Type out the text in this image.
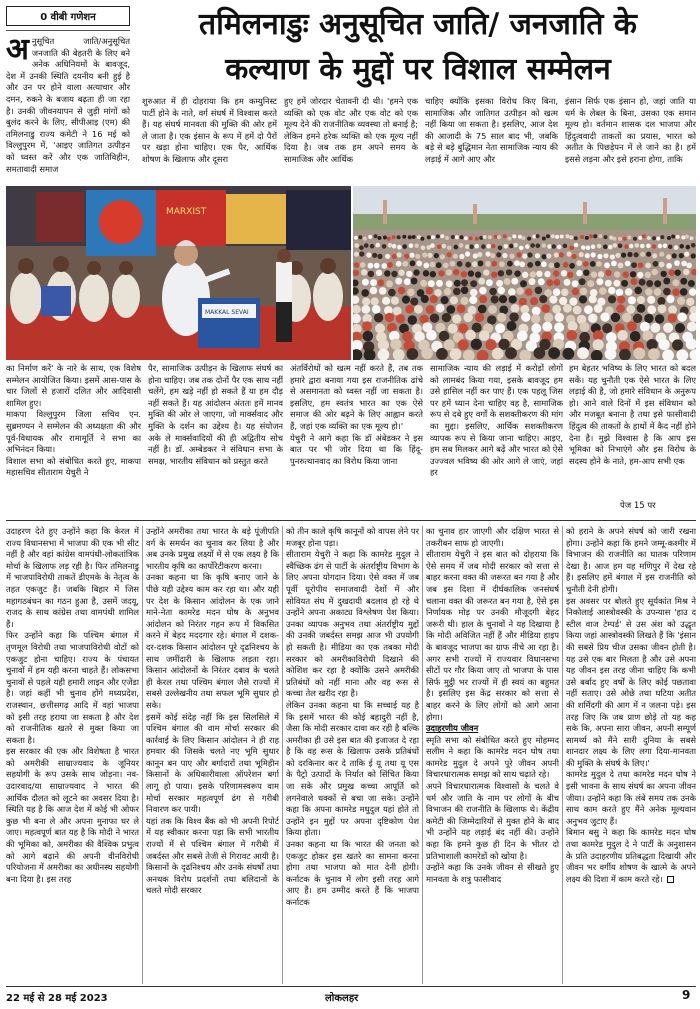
0 वीबी गणेशन	तमिलनाडुः अनुसूचित जाति/ जनजाति के
कल्याण के मुद्दों पर विशाल सम्मेलन
अनुसूचित जाति/अनुसूचित जनजाति की बेहतरी के लिए बने अनेक अधिनियमों के बावजूद, देश में उनकी स्थिति दयनीय बनी हुई है और उन पर होने वाला अत्याचार और दमन, रुकने के बजाय बढ़ता ही जा रहा है। उनकी जीवनयापन से जुड़ी मांगों को बुलंद करने के लिए, सीपीआइ (एम) की तमिलनाडु राज्य कमेटी ने 16 मई को विल्लुपुरम में, 'आइए जातिगत उत्पीड़न को ध्वस्त करें और एक जातिविहीन, समतावादी समाज
शुरुआत में ही दोहराया कि हम कम्युनिस्ट पार्टी होने के नाते, वर्ग संघर्ष में विश्वास करते हैं। यह संघर्ष मानवता की मुक्ति की ओर हमें ले जाता है। एक इंसान के रूप में हमें दो पैरों पर खड़ा होना चाहिए। एक पैर, आर्थिक शोषण के खिलाफ और दूसरा
हुए हमें जोरदार चेतावनी दी थी। 'हमने एक व्यक्ति को एक वोट और एक वोट को एक मूल्य देने की राजनीतिक व्यवस्था तो बनाई है; लेकिन हमने हरेक व्यक्ति को एक मूल्य नहीं दिया है। जब तक हम अपने समय के सामाजिक और आर्थिक
चाहिए क्योंकि इसका विरोध किए बिना, सामाजिक और जातिगत उत्पीड़न को खत्म नहीं किया जा सकता है। इसलिए, आज देश की आजादी के 75 साल बाद भी, जबकि बड़े से बड़े बुद्धिमान नेता सामाजिक न्याय की लड़ाई में आगे आए और
इंसान सिर्फ एक इंसान हो, जहां जाति या धर्म के लेबल के बिना, उसका एक समान मूल्य हो। वर्तमान शासक दल भाजपा और हिंदुत्ववादी ताकतों का प्रयास, भारत को अतीत के पिछड़ेपन में ले जाने का है। हमें इससे लड़ना और इसे हराना होगा, ताकि
MARXIST
MAKKAL SEVAI
का निर्माण करें' के नारे के साथ, एक विशेष सम्मेलन आयोजित किया। इसमें आस-पास के चार जिलों से हजारों दलित और आदिवासी शामिल हुए।
माकपा विल्लुपुरम जिला सचिव एन. सुब्रमण्यन ने सम्मेलन की अध्यक्षता की और पूर्व-विधायक और रामामूर्ति ने सभा का अभिनंदन किया।
विशाल सभा को संबोधित करते हुए, माकपा महासचिव सीताराम येचुरी ने
पैर, सामाजिक उत्पीड़न के खिलाफ संघर्ष का होना चाहिए। जब तक दोनों पैर एक साथ नहीं चलेंगे, हम खड़े नहीं हो सकते हैं या हम दौड़ नहीं सकते हैं। यह आंदोलन अंततः हमें मानव मुक्ति की ओर ले जाएगा, जो मार्क्सवाद और मुक्ति के दर्शन का उद्देश्य है। यह संयोजन अके ले मार्क्सवादियों की ही अद्वितीय सोच नहीं है। डॉ. अम्बेडकर ने संविधान सभा के समक्ष, भारतीय संविधान को प्रस्तुत करते
अंतर्विरोधों को खत्म नहीं करते हैं, तब तक हमारे द्वारा बनाया गया इस राजनीतिक ढांचे से असमानता को ध्वस्त नहीं जा सकता है। इसलिए, हम स्वतंत्र भारत का एक ऐसे समाज की ओर बढ़ने के लिए आह्वान करते हैं, जहां एक व्यक्ति का एक मूल्य हो।'
येचुरी ने आगे कहा कि डॉ अंबेडकर ने इस बात पर भी जोर दिया था कि हिंदू-पुनरुत्थानवाद का विरोध किया जाना
सामाजिक न्याय की लड़ाई में करोड़ों लोगों को लामबंद किया गया, इसके बावजूद हम उसे हासिल नहीं कर पाए हैं। एक पहलू जिस पर हमें ध्यान देना चाहिए वह है, सामाजिक रूप से दबे हुए वर्गों के सशक्तीकरण की मांग का मुद्दा। इसलिए, आर्थिक सशक्तीकरण व्यापक रूप से किया जाना चाहिए। आइए, हम सब मिलकर आगे बढ़ें और भारत को ऐसे उज्ज्वल भविष्य की ओर आगे ले जाएं, जहां हर
हम बेहतर भविष्य के लिए भारत को बदल सकें। यह चुनौती एक ऐसे भारत के लिए लड़ाई की है, जो हमारे संविधान के अनुरूप हो। आने वाले दिनों में इस संविधान को और मजबूत बनाना है तथा इसे फासीवादी हिंदुत्व की ताकतों के हाथों में कैद नहीं होने देना है। मुझे विश्वास है कि आप इस भूमिका को निभाएंगे और इस विरोध के सदस्य होने के नाते, हम-आप सभी एक
पेज 15 पर
उदाहरण देते हुए उन्होंने कहा कि केरल में राज्य विधानसभा में भाजपा की एक भी सीट नहीं है और वहां कांग्रेस वामपंथी-लोकतांत्रिक मोर्चा के खिलाफ लड़ रही है। फिर तमिलनाडु में भाजपाविरोधी ताकतें डीएमके के नेतृत्व के तहत एकजुट हैं। जबकि बिहार में जिस महागठबंधन का गठन हुआ है, उसमें जदयू, राजद के साथ कांग्रेस तथा वामपंथी शामिल हैं।
फिर उन्होंने कहा कि पश्चिम बंगाल में तृणमूल विरोधी तथा भाजपाविरोधी वोटों को एकजुट होना चाहिए। राज्य के पंचायत चुनावों में हम यही करना चाहते हैं। लोकसभा चुनावों से पहले यही हमारी लाइन और एजेंडा है। जहां कहीं भी चुनाव होंगे मध्यप्रदेश, राजस्थान, छत्तीसगढ़ आदि में वहां भाजपा को इसी तरह हराया जा सकता है और देश को राजनीतिक खतरे से मुक्त किया जा सकता है।
इस सरकार की एक और विशेषता है भारत को अमरीकी साम्राज्यवाद के जूनियर सहयोगी के रूप उसके साथ जोड़ना। नव-उदारवाद/या साम्राज्यवाद ने भारत की आर्थिक दौलत को लूटने का अवसर दिया है। स्थिति यह है कि आज देश में कोई भी ओफर कुछ भी बना ले और अपना मुनाफा घर ले जाए। महत्वपूर्ण बात यह है कि मोदी ने भारत की भूमिका को, अमरीका की वैश्विक प्रभुत्व को आगे बढ़ाने की अपनी वीनविरोधी परियोजना में अमरीका का अधीनस्थ सहयोगी बना दिया है। इस तरह
उन्होंने अमरीका तथा भारत के बड़े पूंजीपति वर्ग के समर्थन का चुनाव कर लिया है और अब उनके प्रमुख लक्ष्यों में से एक लक्ष्य है कि भारतीय कृषि का कार्पोरेटीकरण करना।
उनका कहना था कि कृषि बनाए जाने के पीछे यही उद्देश्य काम कर रहा था। और यही पर देश के किसान आंदोलन के एक जाने माने-नेता कामरेड मदन घोष के अनुभव आंदोलन को निरंतर गहन रूप में विकसित करने में बेहद मददगार रहे। बंगाल में दशक-दर-दशक किसान आंदोलन पूरे दृढनिश्चय के साथ जमींदारी के खिलाफ लड़ता रहा। किसान आंदोलनों के निरंतर दबाव के चलते ही केरल तथा पश्चिम बंगाल जैसे राज्यों में सबसे उल्लेखनीय तथा सफल भूमि सुधार हो सके।
इसमें कोई संदेह नहीं कि इस सिलसिले में पश्चिम बंगाल की वाम मोर्चा सरकार की कार्रवाई के लिए किसान आंदोलन ने ही राह हमवार की जिसके चलते नए भूमि सुधार कानून बन पाए और बर्गादारों तथा भूमिहीन किसानों के अधिकारीवाला ऑपरेशन बर्गा लागू हो पाया। इसके परिणामस्वरूप वाम मोर्चा सरकार महत्वपूर्ण ढंग से गरीबी निवारण कर पायी।
यहां तक कि विश्व बैंक को भी अपनी रिपोर्ट में यह स्वीकार करना पड़ा कि सभी भारतीय राज्यों में से पश्चिम बंगाल में गरीबी में जबर्दस्त और सबसे तेजी से गिरावट आयी है। किसानों के दृढनिश्चय और उनके संघर्षों तथा अनथक विरोध प्रदर्शनों तथा बलिदानों के चलते मोदी सरकार
को तीन काले कृषि कानूनों को वापस लेने पर मजबूर होना पड़ा।
सीताराम येचुरी ने कहा कि कामरेड मुदुल ने स्वैच्छिक ढंग से पार्टी के अंतर्राष्ट्रीय विभाग के लिए अपना योगदान दिया। ऐसे वक्त में जब पूर्वी यूरोपीय समाजवादी देशों में और सोवियत संघ में दुखदायी बदलाव हो रहे थे उन्होंने अपना अकाट्य विश्लेषण पेश किया। उनका व्यापक अनुभव तथा अंतर्राष्ट्रीय मुद्दों की उनकी जबर्दस्त समझ आज भी उपयोगी हो सकती है। मीडिया का एक तबका मोदी सरकार को अमरीकाविरोधी दिखाने की कोशिश कर रहा है क्योंकि उसने अमरीकी प्रतिबंधों को नहीं माना और वह रूस से कच्चा तेल खरीद रहा है।
लेकिन उनका कहना था कि सच्चाई यह है कि इसमें भारत की कोई बहादुरी नहीं है, जैसा कि मोदी सरकार दावा कर रही है बल्कि अमरीका ही उसे इस बात की इजाजत दे रहा है कि वह रूस के खिलाफ उसके प्रतिबंधों को दरकिनार कर दे ताकि ई यू तथा यू एस के पैट्रो उत्पादों के निर्यात को सिंचित किया जा सके और प्रमुख कच्चा आपूर्ति को लगनेवाले धक्कों से बचा जा सके। उन्होंने कहा कि अपना कामरेड मधुदुल यहां होते तो उन्होंने इन मुद्दों पर अपना दृष्टिकोण पेश किया होता।
उनका कहना था कि भारत की जनता को एकजुट होकर इस खतरे का सामना करना होगा तथा भाजपा को मात देनी होगी। कर्नाटक के चुनाव में लोग इसी तरह आगे आए हैं। हम उम्मीद करते हैं कि भाजपा कर्नाटक
का चुनाव हार जाएगी और दक्षिण भारत से तकरीबन साफ हो जाएगी।
सीताराम येचुरी ने इस बात को दोहराया कि ऐसे समय में जब मोदी सरकार को सत्ता से बाहर करना वक्त की जरूरत बन गया है और जब इस दिशा में दीर्घकालिक जनसंघर्ष चलाना वक्त की जरूरत बन गया है, ऐसे इस निर्णायक मोड़ पर उनकी मौजूदगी बेहद जरूरी थी। हाल के चुनावों ने यह दिखाया है कि मोदी अविजित नहीं हैं और मीडिया हाइप के बावजूद भाजपा का ग्राफ नीचे आ रहा है। अगर सभी राज्यों में राज्यवार विधानसभा सीटों पर गौर किया जाए तो भाजपा के पास सिर्फ मुट्ठी भर राज्यों में ही स्वयं का बहुमत है। इसलिए इस केंद्र सरकार को सत्ता से बाहर करने के लिए लोगों को आगे आना होगा।
उदाहरणीय जीवन
स्मृति सभा को संबोधित करते हुए मोहम्मद सलीम ने कहा कि कामरेड मदन घोष तथा कामरेड मुदुल दे अपने पूरे जीवन अपनी विचारधारात्मक समझ को साथ चढ़ाते रहे।
अपने विचारधारात्मक विश्वासों के चलते वे धर्म और जाति के नाम पर लोगों के बीच विभाजन की राजनीति के खिलाफ थे। केंद्रीय कमेटी की जिम्मेदारियों से मुक्त होने के बाद भी उन्होंने यह लड़ाई बंद नहीं की। उन्होंने कहा कि हमने कुछ ही दिन के भीतर दो प्रतिभाशाली कामरेडों को खोया है।
उन्होंने कहा कि उनके जीवन से सीखते हुए मानवता के शत्रु फासीवाद
को हराने के अपने संघर्ष को जारी रखना होगा। उन्होंने कहा कि हमने जम्मू-कश्मीर में विभाजन की राजनीति का घातक परिणाम देखा है। आज हम यह मणिपुर में देख रहे हैं। इसलिए हमें बंगाल में इस राजनीति को चुनौती देनी होगी।
इस अवसर पर बोलते हुए सूर्यकांत मिश्र ने निकोलाई आस्त्रोवस्की के उपन्यास 'हाउ द स्टील वाज टेम्पर्ड' से उस अंश को उद्धृत किया जहां आस्त्रोवस्की लिखते हैं कि 'इंसान की सबसे प्रिय चीज उसका जीवन होती है। यह उसे एक बार मिलता है और उसे अपना यह जीवन इस तरह जीना चाहिए कि कभी उसे बर्बाद हुए वर्षों के लिए कोई पछतावा नहीं सताए। उसे ओछे तथा घटिया अतीत की शर्मिंदगी की आग में न जलना पड़े। इस तरह जिए कि जब प्राण छोड़े तो यह कह सके कि, अपना सारा जीवन, अपनी सम्पूर्ण सामर्थ्य को मैंने सारी दुनिया के सबसे शानदार लक्ष्य के लिए लगा दिया-मानवता की मुक्ति के संघर्ष के लिए।'
कामरेड मुदुल दे तथा कामरेड मदन घोष ने इसी भावना के साथ संघर्ष का अपना जीवन जीया। उन्होंने कहा कि लंबे समय तक उनके साथ काम करते हुए मैंने अनेक मूल्यवान अनुभव जुटाए हैं।
बिमान बसु ने कहा कि कामरेड मदन घोष तथा कामरेड मुदुल दे ने पार्टी के अनुशासन के प्रति उदाहरणीय प्रतिबद्धता दिखायी और जीवन भर वर्गीय शोषण के खात्मे के अपने लक्ष्य की दिशा में काम करते रहे।
22 मई से 28 मई 2023	लोकलहर	9
